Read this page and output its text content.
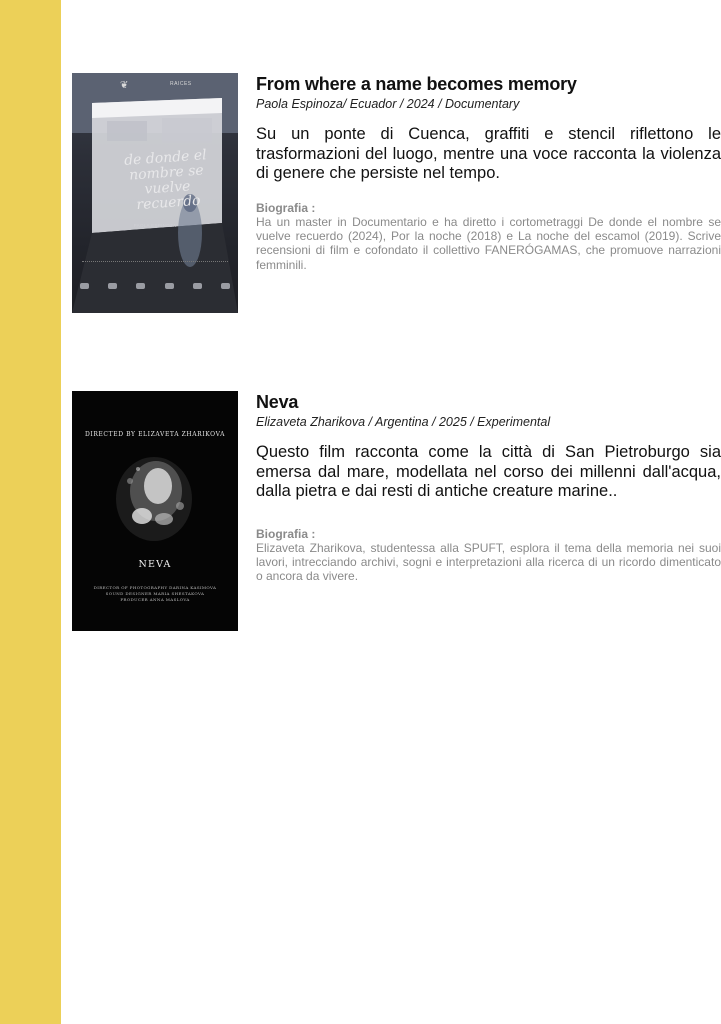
❦	RAICES
de donde el nombre se vuelve recuerdo
PAOLA ESPINOZA
From where a name becomes memory
Paola Espinoza/ Ecuador / 2024 / Documentary
Su un ponte di Cuenca, graffiti e stencil riflettono le trasformazioni del luogo, mentre una voce racconta la violenza di genere che persiste nel tempo.
Biografia :
Ha un master in Documentario e ha diretto i cortometraggi De donde el nombre se vuelve recuerdo (2024), Por la noche (2018) e La noche del escamol (2019). Scrive recensioni di film e cofondato il collettivo FANERÓGAMAS, che promuove narrazioni femminili.
DIRECTED BY ELIZAVETA ZHARIKOVA
NEVA
DIRECTOR OF PHOTOGRAPHY DARINA KASIMOVA
SOUND DESIGNER MARIA SHESTAKOVA
PRODUCER ANNA MASLOVA
Neva
Elizaveta Zharikova / Argentina / 2025 / Experimental
Questo film racconta come la città di San Pietroburgo sia emersa dal mare, modellata nel corso dei millenni dall'acqua, dalla pietra e dai resti di antiche creature marine..
Biografia :
Elizaveta Zharikova, studentessa alla SPUFT, esplora il tema della memoria nei suoi lavori, intrecciando archivi, sogni e interpretazioni alla ricerca di un ricordo dimenticato o ancora da vivere.
